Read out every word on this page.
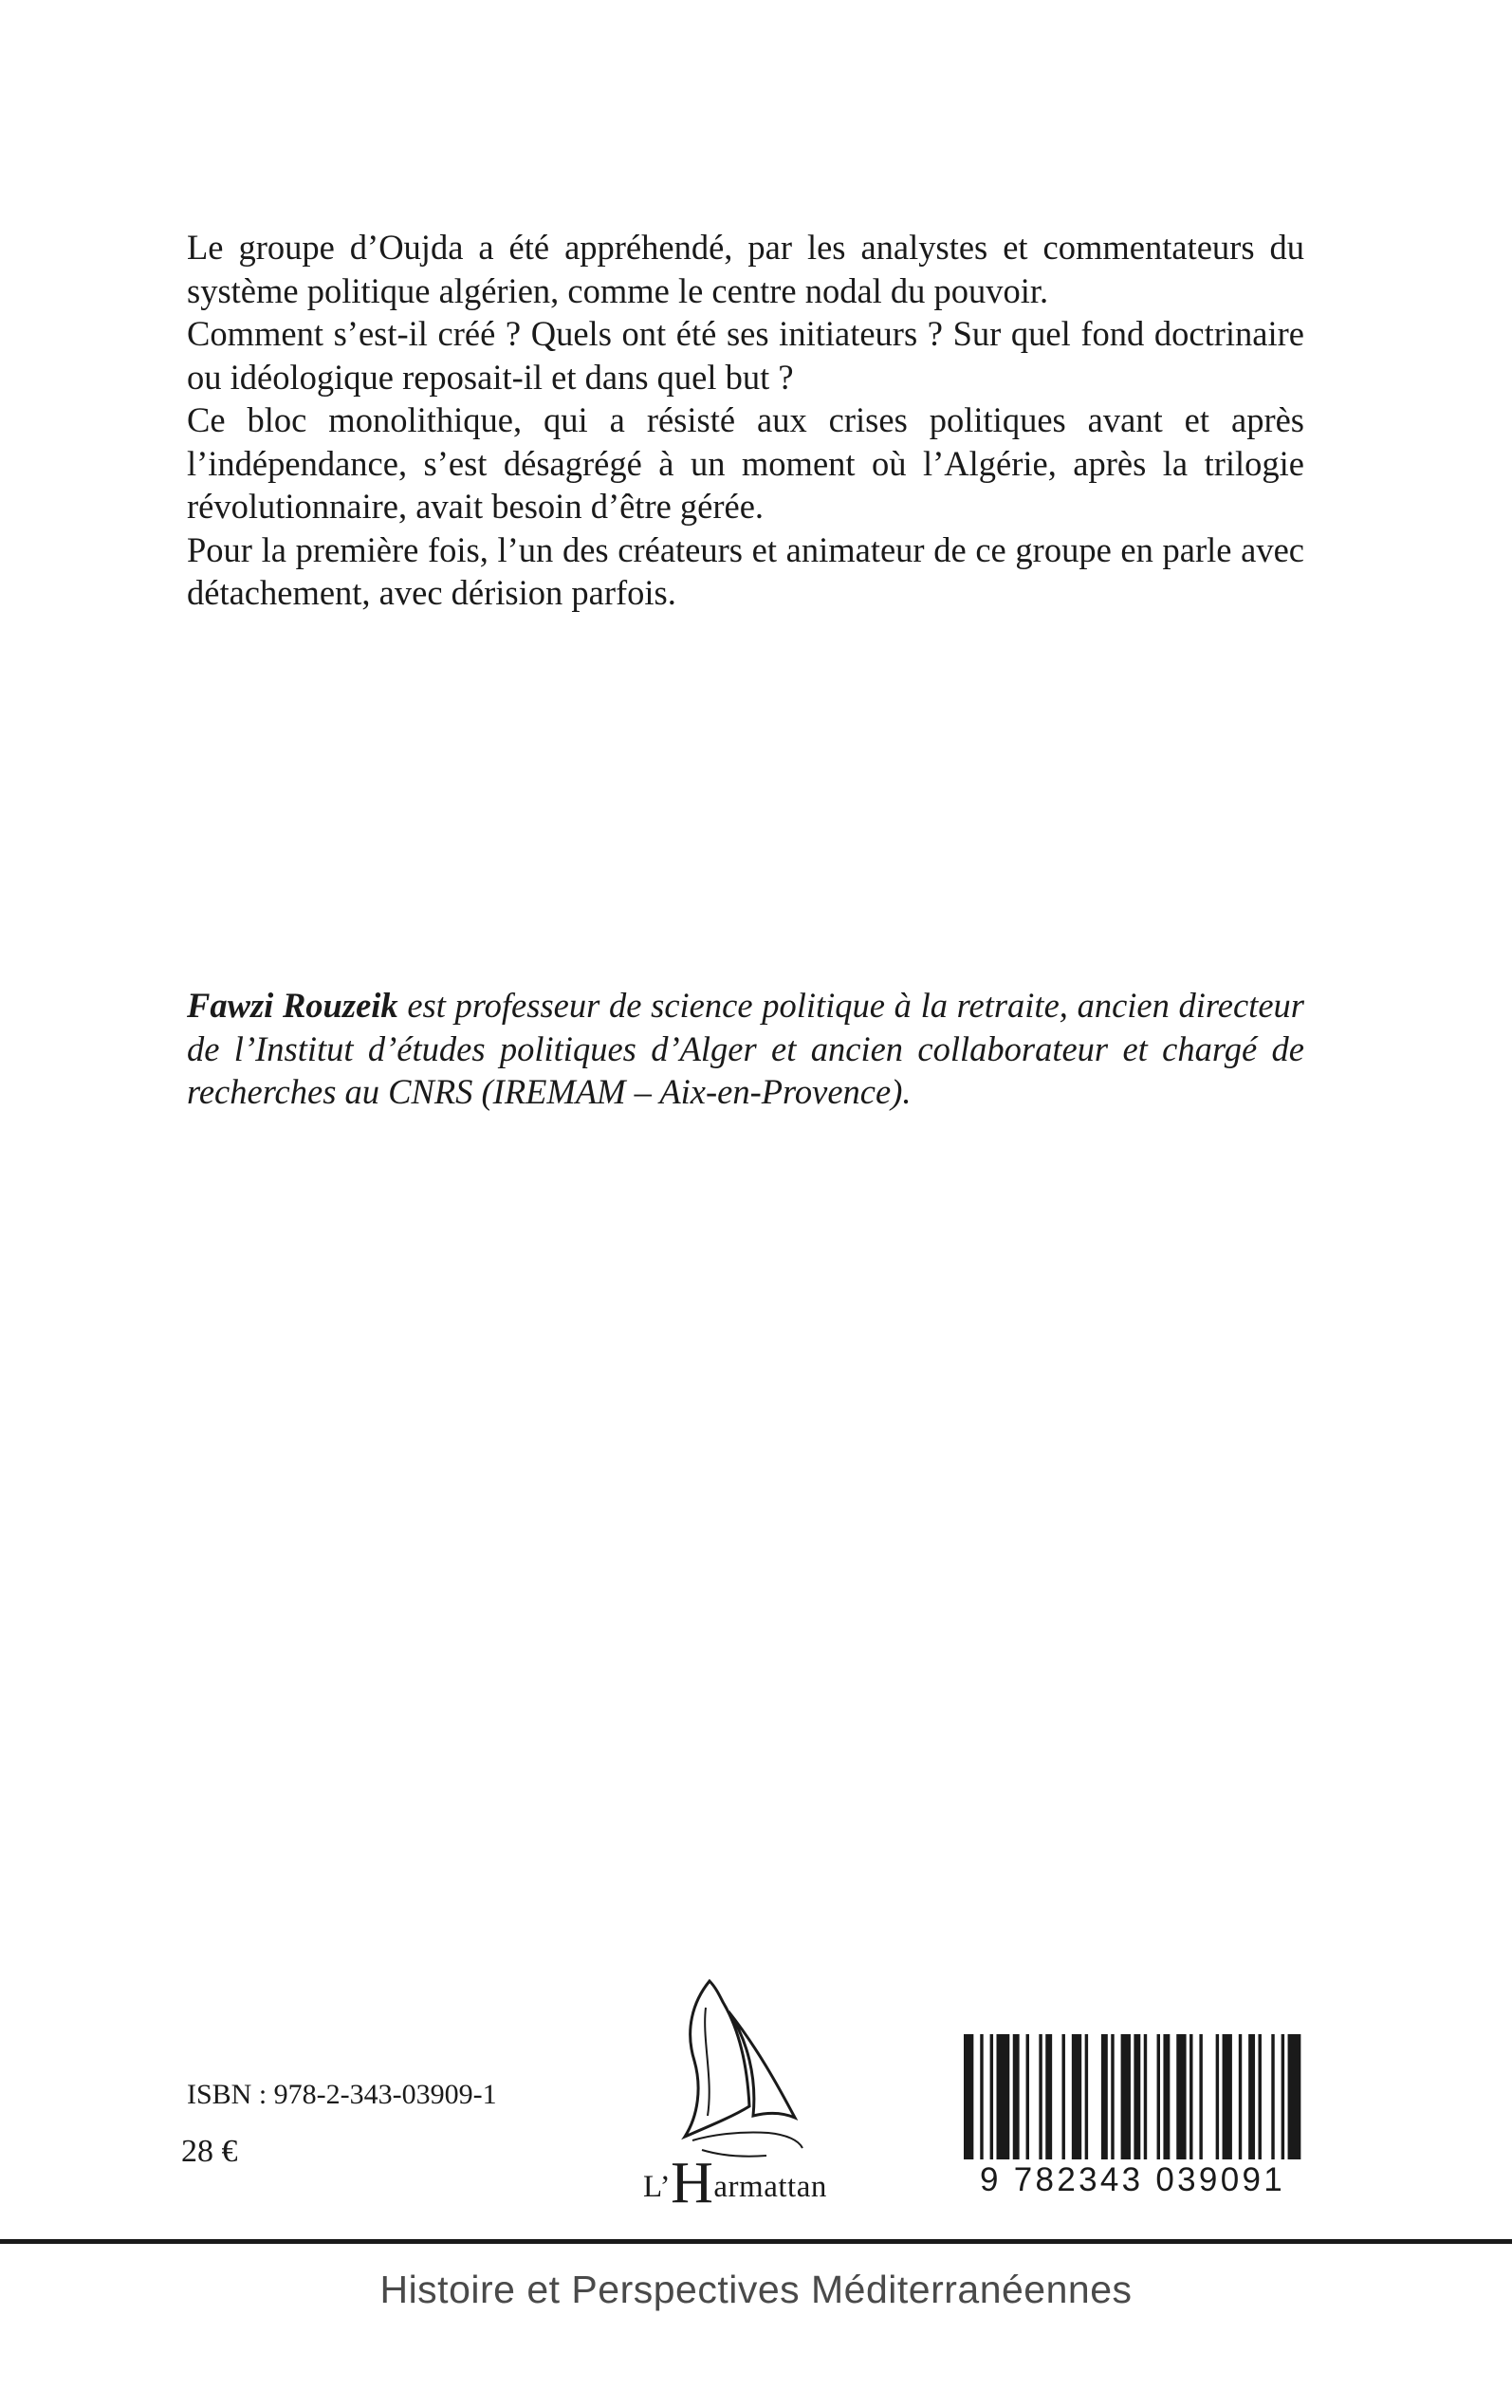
Le groupe d’Oujda a été appréhendé, par les analystes et commentateurs du système politique algérien, comme le centre nodal du pouvoir.

Comment s’est-il créé ? Quels ont été ses initiateurs ? Sur quel fond doctrinaire ou idéologique reposait-il et dans quel but ?

Ce bloc monolithique, qui a résisté aux crises politiques avant et après l’indépendance, s’est désagrégé à un moment où l’Algérie, après la trilogie révolutionnaire, avait besoin d’être gérée.

Pour la première fois, l’un des créateurs et animateur de ce groupe en parle avec détachement, avec dérision parfois.

Fawzi Rouzeik est professeur de science politique à la retraite, ancien directeur de l’Institut d’études politiques d’Alger et ancien collaborateur et chargé de recherches au CNRS (IREMAM – Aix-en-Provence).
ISBN : 978-2-343-03909-1
28 €
L’Harmattan	9 782343 039091
Histoire et Perspectives Méditerranéennes
